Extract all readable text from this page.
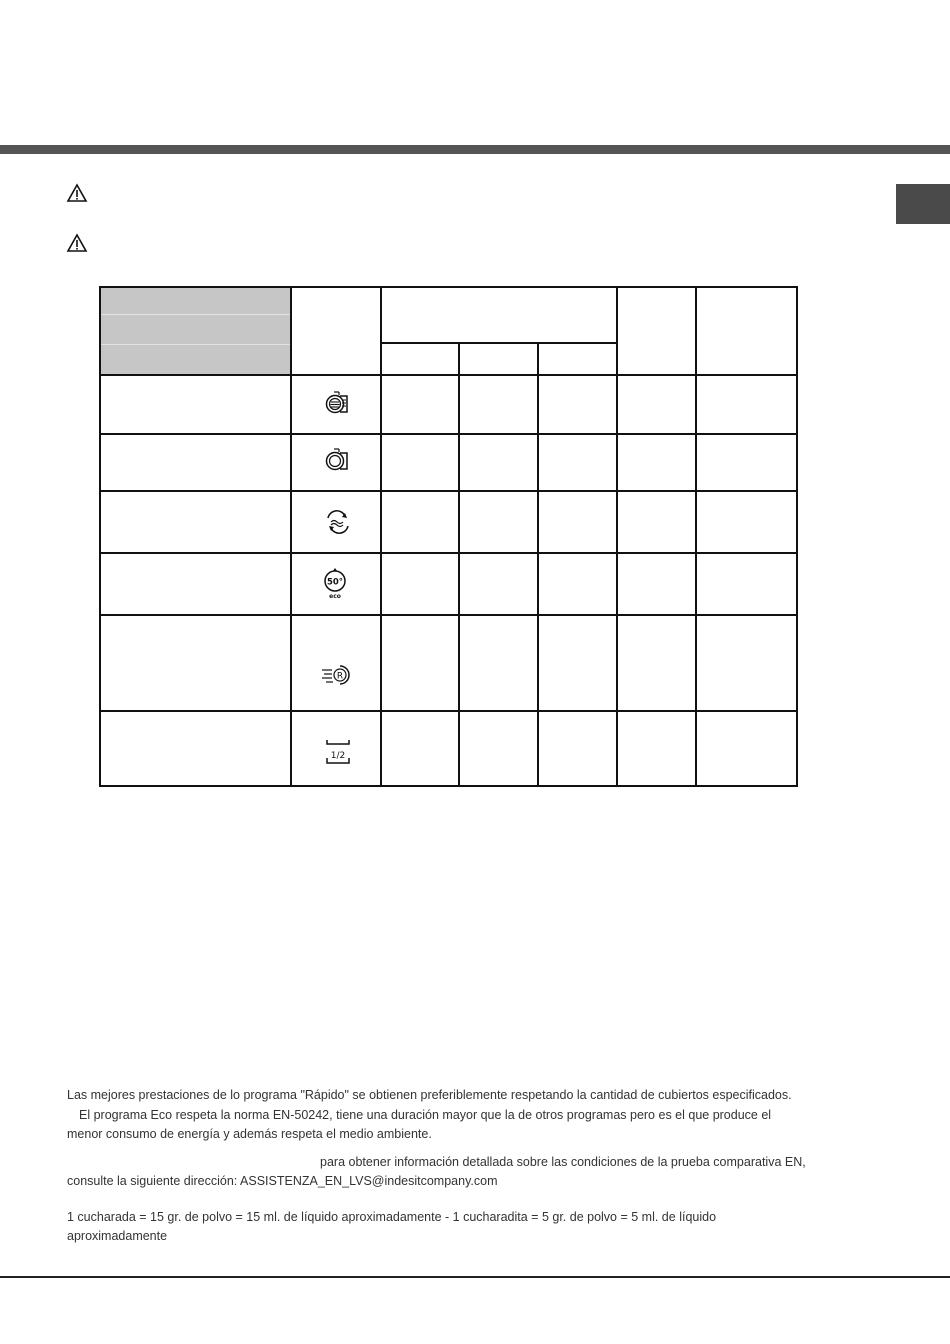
50°
eco
R
1/2

Las mejores prestaciones de lo programa "Rápido" se obtienen preferiblemente respetando la cantidad de cubiertos especificados.

El programa Eco respeta la norma EN-50242, tiene una duración mayor que la de otros programas pero es el que produce el

menor consumo de energía y además respeta el medio ambiente.

para obtener información detallada sobre las condiciones de la prueba comparativa EN,

consulte la siguiente dirección: ASSISTENZA_EN_LVS@indesitcompany.com

1 cucharada = 15 gr. de polvo = 15 ml. de líquido aproximadamente - 1 cucharadita = 5 gr. de polvo = 5 ml. de líquido

aproximadamente
